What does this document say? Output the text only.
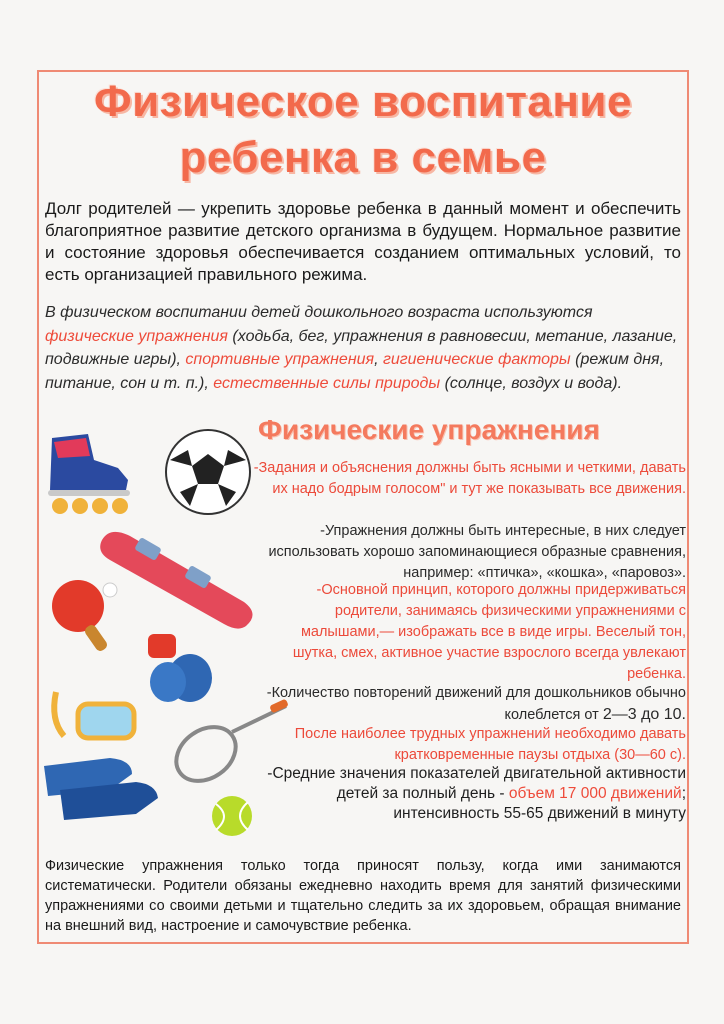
Физическое воспитание
ребенка в семье
Долг родителей — укрепить здоровье ребенка в данный момент и обеспечить благоприятное развитие детского организма в будущем. Нормальное развитие и состояние здоровья обеспечивается созданием оптимальных условий, то есть организацией правильного режима.
В физическом воспитании детей дошкольного возраста используются физические упражнения (ходьба, бег, упражнения в равновесии, метание, лазание, подвижные игры), спортивные упражнения, гигиенические факторы (режим дня, питание, сон и т. п.), естественные силы природы (солнце, воздух и вода).
Физические упражнения
-Задания и объяснения должны быть ясными и четкими, давать их надо бодрым голосом" и тут же показывать все движения.
-Упражнения должны быть интересные, в них следует использовать хорошо запоминающиеся образные сравнения, например: «птичка», «кошка», «паровоз».
-Основной принцип, которого должны придерживаться родители, занимаясь физическими упражнениями с малышами,— изображать все в виде игры. Веселый тон, шутка, смех, активное участие взрослого всегда увлекают ребенка.
-Количество повторений движений для дошкольников обычно колеблется от 2—3 до 10.
После наиболее трудных упражнений необходимо давать кратковременные паузы отдыха (30—60 с).
-Средние значения показателей двигательной активности детей за полный день - объем 17 000 движений; интенсивность 55-65 движений в минуту
Физические упражнения только тогда приносят пользу, когда ими занимаются систематически. Родители обязаны ежедневно находить время для занятий физическими упражнениями со своими детьми и тщательно следить за их здоровьем, обращая внимание на внешний вид, настроение и самочувствие ребенка.
